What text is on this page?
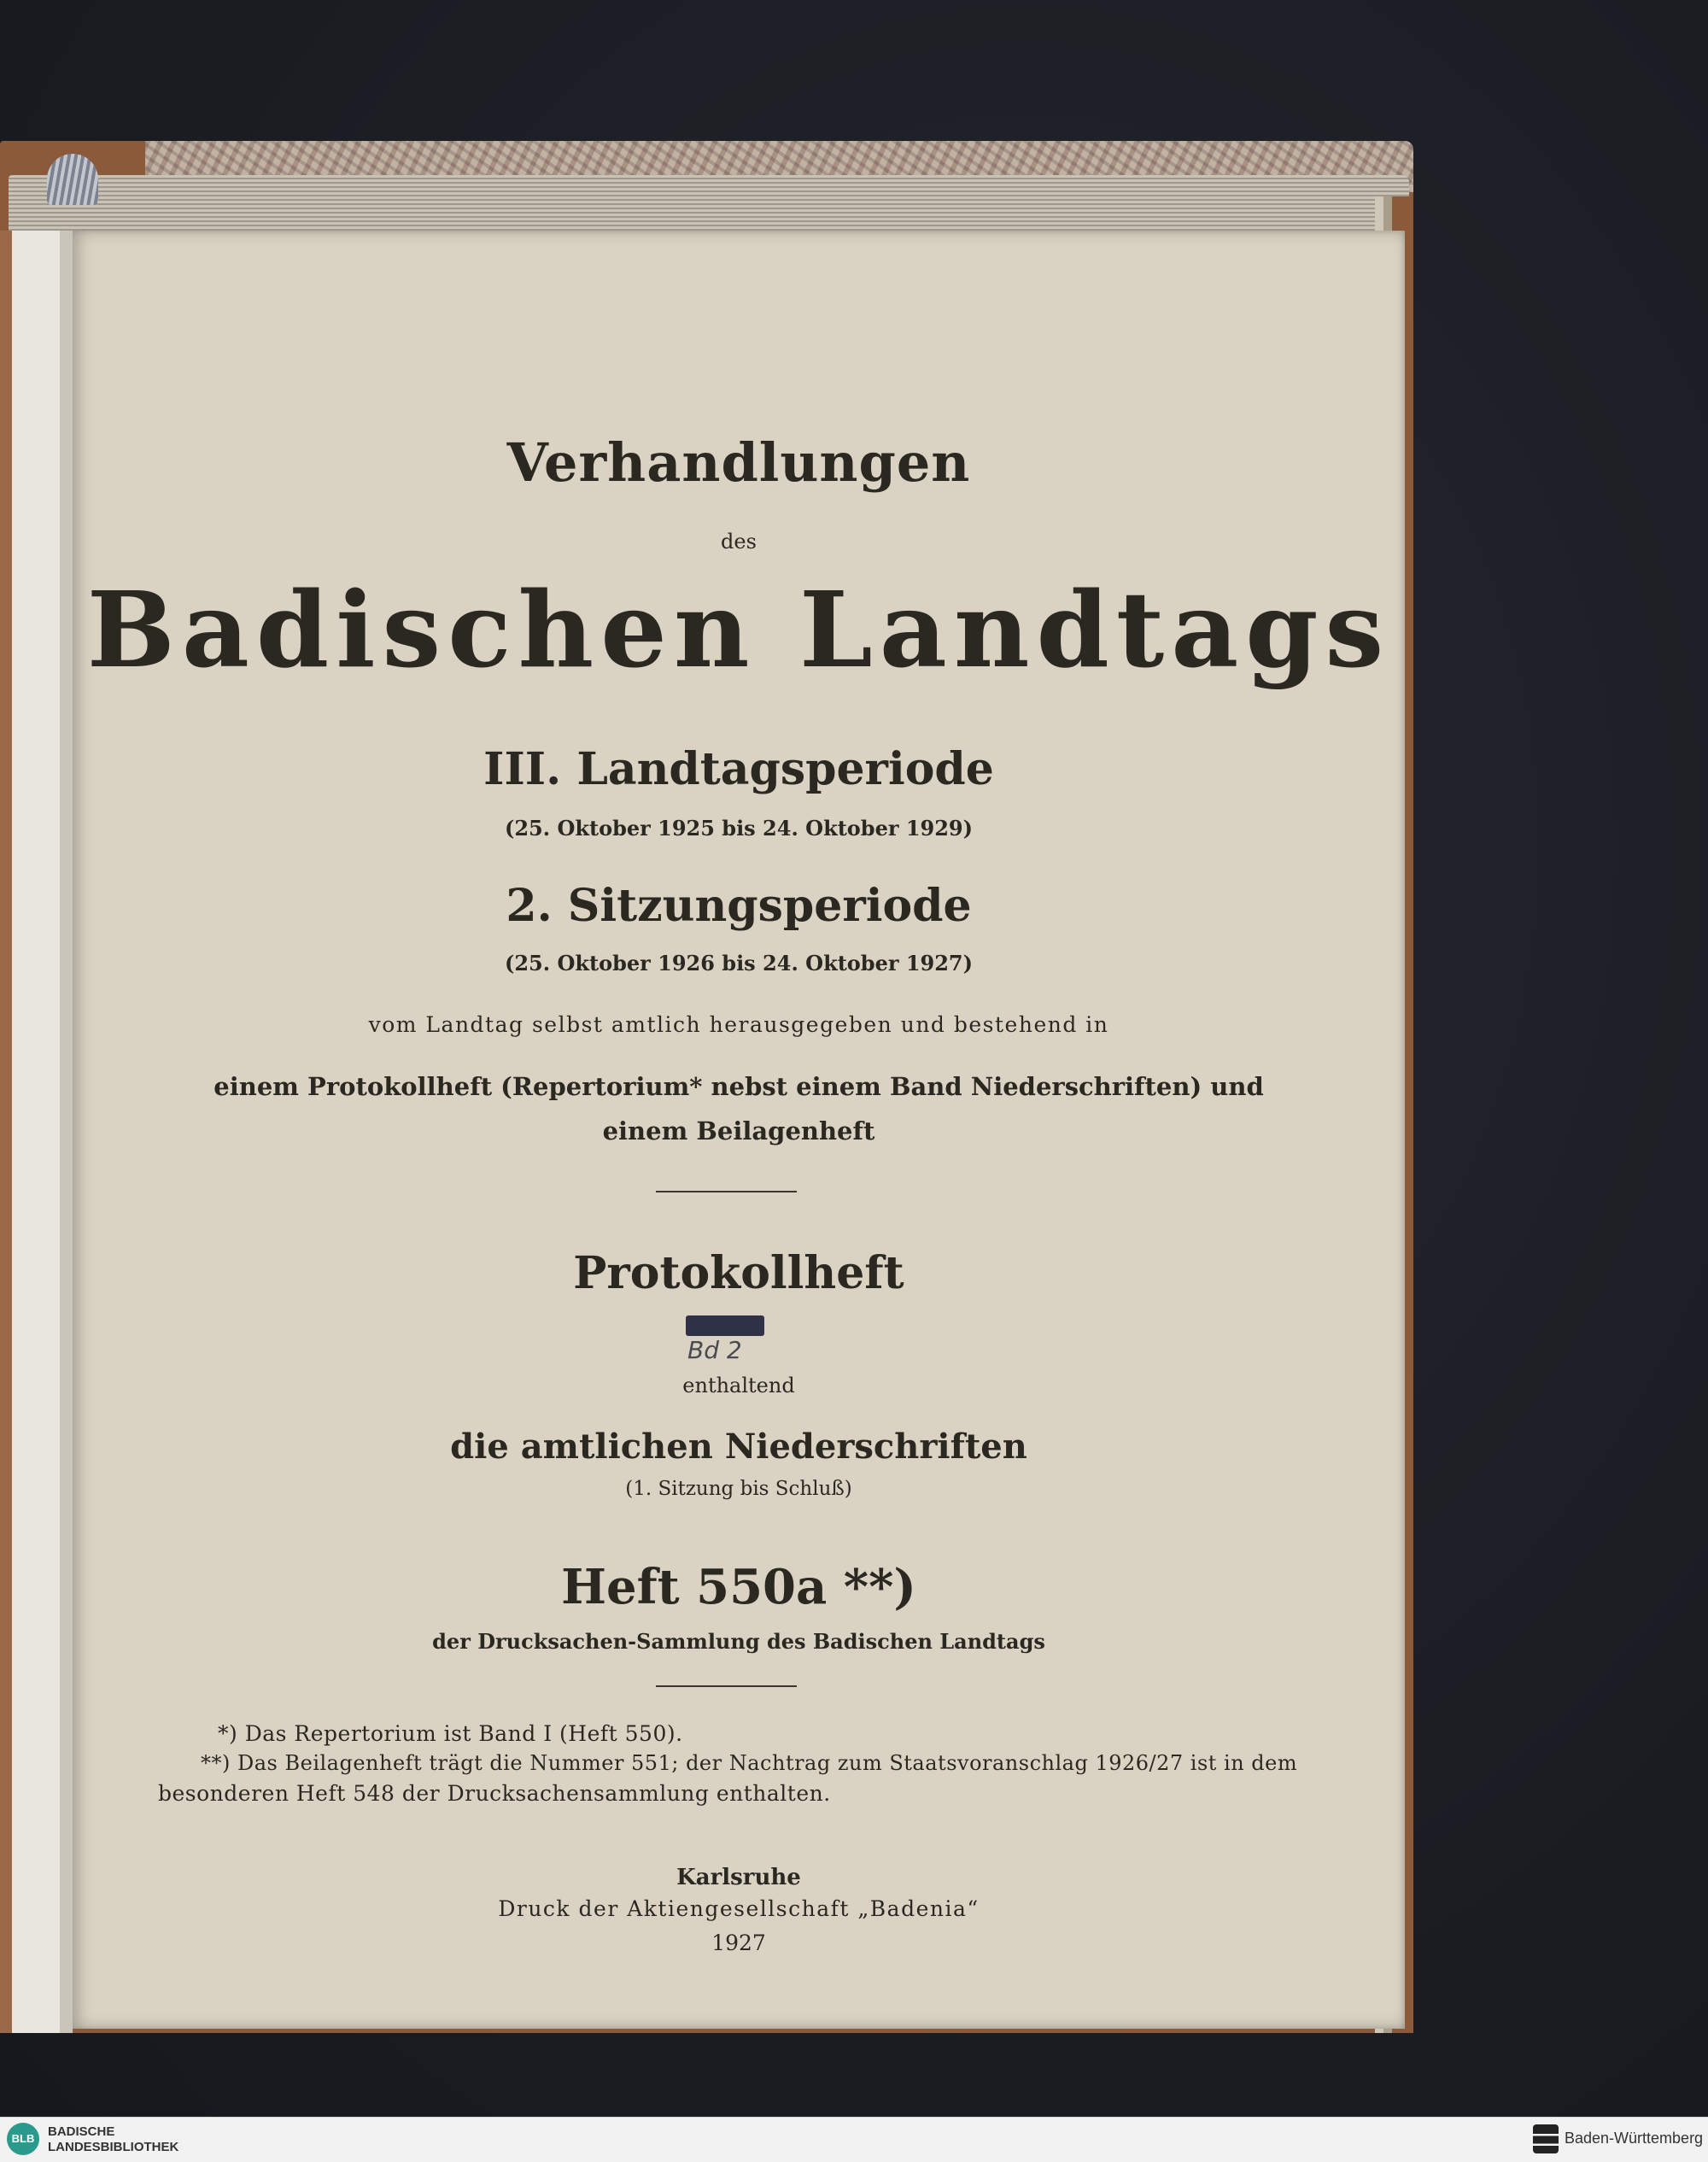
Verhandlungen
des
Badischen Landtags
III. Landtagsperiode
(25. Oktober 1925 bis 24. Oktober 1929)
2. Sitzungsperiode
(25. Oktober 1926 bis 24. Oktober 1927)
vom Landtag selbst amtlich herausgegeben und bestehend in
einem Protokollheft (Repertorium* nebst einem Band Niederschriften) und
einem Beilagenheft
Protokollheft
Bd 2
enthaltend
die amtlichen Niederschriften
(1. Sitzung bis Schluß)
Heft 550a **)
der Drucksachen-Sammlung des Badischen Landtags
*) Das Repertorium ist Band I (Heft 550).
**) Das Beilagenheft trägt die Nummer 551; der Nachtrag zum Staatsvoranschlag 1926/27 ist in dem
besonderen Heft 548 der Drucksachensammlung enthalten.
Karlsruhe
Druck der Aktiengesellschaft „Badenia“
1927
BLB	BADISCHE
LANDESBIBLIOTHEK
Baden-Württemberg
